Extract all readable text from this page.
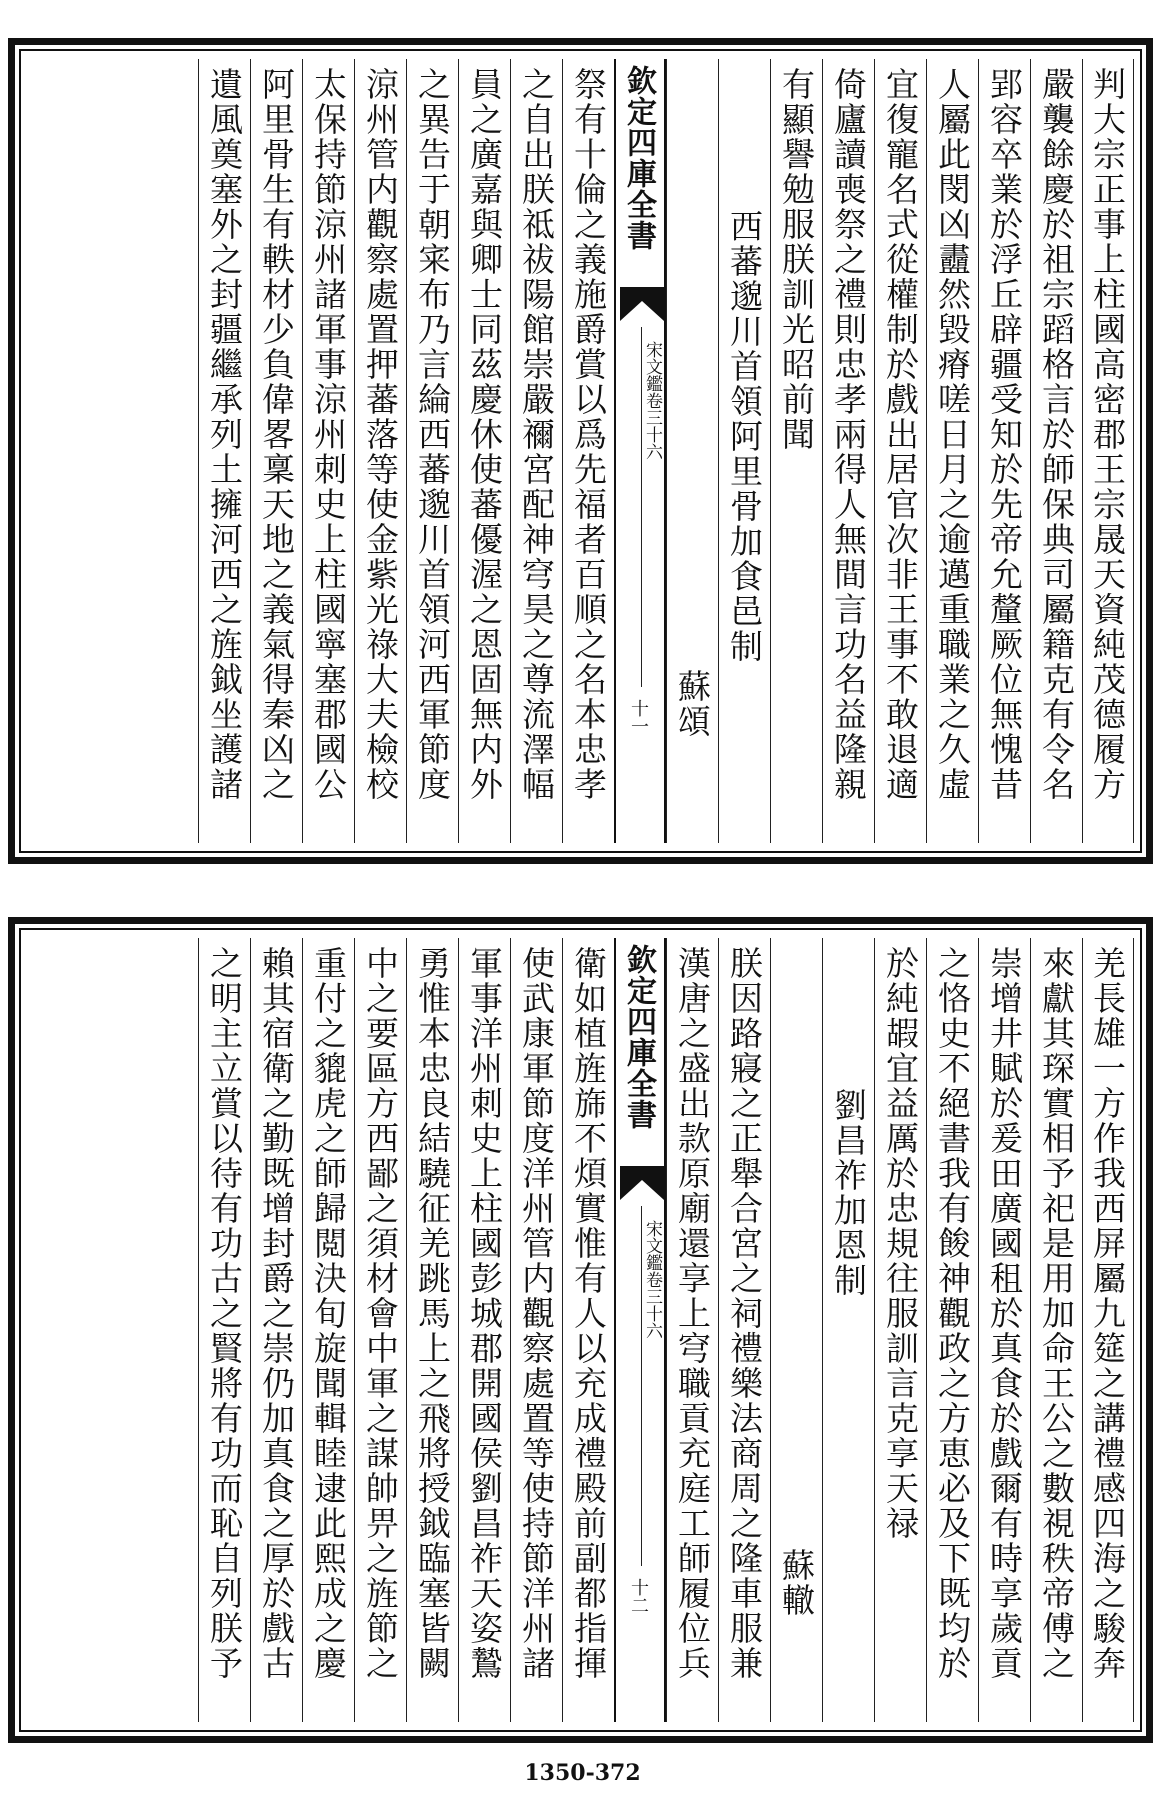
判大宗正事上柱國高密郡王宗晟天資純茂德履方
嚴襲餘慶於祖宗蹈格言於師保典司屬籍克有令名
郢容卒業於浮丘辟疆受知於先帝允釐厥位無愧昔
人屬此閔凶衋然毀瘠嗟日月之逾邁重職業之久虛
宜復寵名式從權制於戲出居官次非王事不敢退適
倚廬讀喪祭之禮則忠孝兩得人無間言功名益隆親
有顯譽勉服朕訓光昭前聞
西蕃邈川首領阿里骨加食邑制
蘇頌
欽定四庫全書
宋文鑑卷三十六
十一
祭有十倫之義施爵賞以爲先福者百順之名本忠孝
之自出朕祗祓陽館崇嚴禰宮配神穹昊之尊流澤幅
員之廣嘉與卿士同茲慶休使蕃優渥之恩固無内外
之異告于朝宷布乃言綸西蕃邈川首領河西軍節度
涼州管内觀察處置押蕃落等使金紫光祿大夫檢校
太保持節涼州諸軍事涼州刺史上柱國寧塞郡國公
阿里骨生有軼材少負偉畧稟天地之義氣得秦凶之
遺風奠塞外之封疆繼承列土擁河西之旌鉞坐護諸
羌長雄一方作我西屏屬九筵之講禮感四海之駿奔
來獻其琛實相予祀是用加命王公之數視秩帝傅之
崇增井賦於爰田廣國租於真食於戲爾有時享歲貢
之恪史不絕書我有餕神觀政之方恵必及下既均於
於純嘏宜益厲於忠規往服訓言克享天禄
劉昌祚加恩制
蘇轍
朕因路寢之正舉合宮之祠禮樂法商周之隆車服兼
漢唐之盛出款原廟還享上穹職貢充庭工師履位兵
欽定四庫全書
宋文鑑卷三十六
十二
衛如植旌旆不煩實惟有人以充成禮殿前副都指揮
使武康軍節度洋州管内觀察處置等使持節洋州諸
軍事洋州刺史上柱國彭城郡開國侯劉昌祚天姿鷙
勇惟本忠良結驍征羌跳馬上之飛將授鉞臨塞皆闕
中之要區方西鄙之須材會中軍之謀帥畀之旌節之
重付之貔虎之師歸閲決旬旋聞輯睦逮此熙成之慶
賴其宿衛之勤既增封爵之崇仍加真食之厚於戲古
之明主立賞以待有功古之賢將有功而恥自列朕予
1350-372
